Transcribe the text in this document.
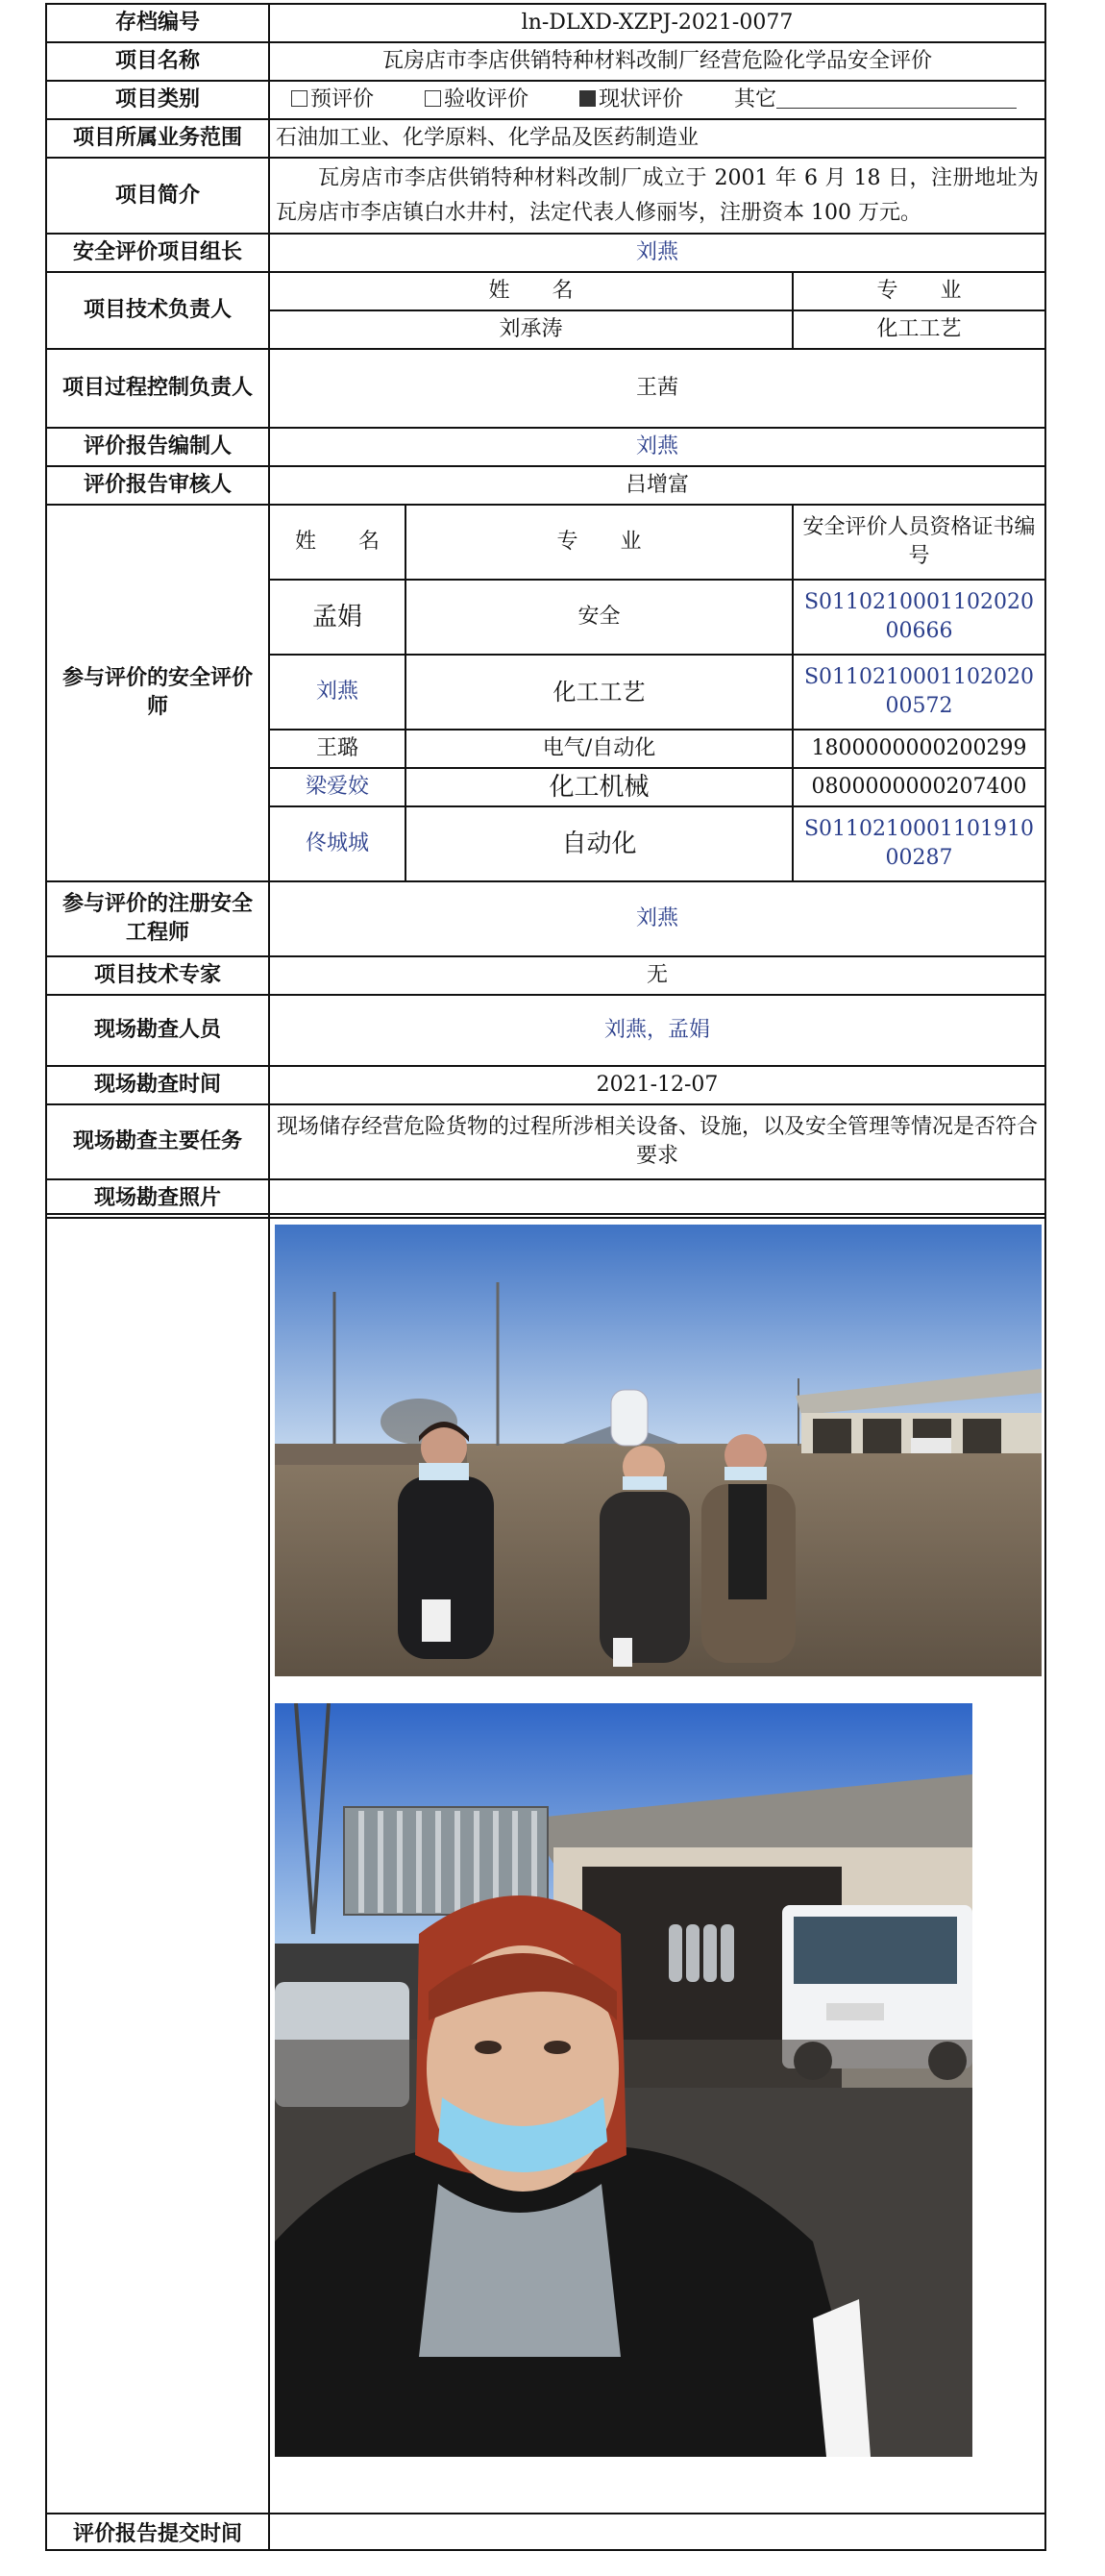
存档编号	ln-DLXD-XZPJ-2021-0077		
项目名称	瓦房店市李店供销特种材料改制厂经营危险化学品安全评价		
项目类别	预评价 验收评价 现状评价 其它		
项目所属业务范围	石油加工业、化学原料、化学品及医药制造业		
项目简介	瓦房店市李店供销特种材料改制厂成立于 2001 年 6 月 18 日，注册地址为瓦房店市李店镇白水井村，法定代表人修丽岑，注册资本 100 万元。		
安全评价项目组长	刘燕		
项目技术负责人	姓　　名		专　　业
	刘承涛		化工工艺
项目过程控制负责人	王茜		
评价报告编制人	刘燕		
评价报告审核人	吕增富		
参与评价的安全评价师	姓　　名	专　　业	安全评价人员资格证书编号
	孟娟	安全	S011021000110202000666
	刘燕	化工工艺	S011021000110202000572
	王璐	电气/自动化	1800000000200299
	梁爱姣	化工机械	0800000000207400
	佟城城	自动化	S011021000110191000287
参与评价的注册安全工程师	刘燕		
项目技术专家	无		
现场勘查人员	刘燕，孟娟		
现场勘查时间	2021-12-07		
现场勘查主要任务	现场储存经营危险货物的过程所涉相关设备、设施，以及安全管理等情况是否符合要求		
现场勘查照片			

评价报告提交时间	
